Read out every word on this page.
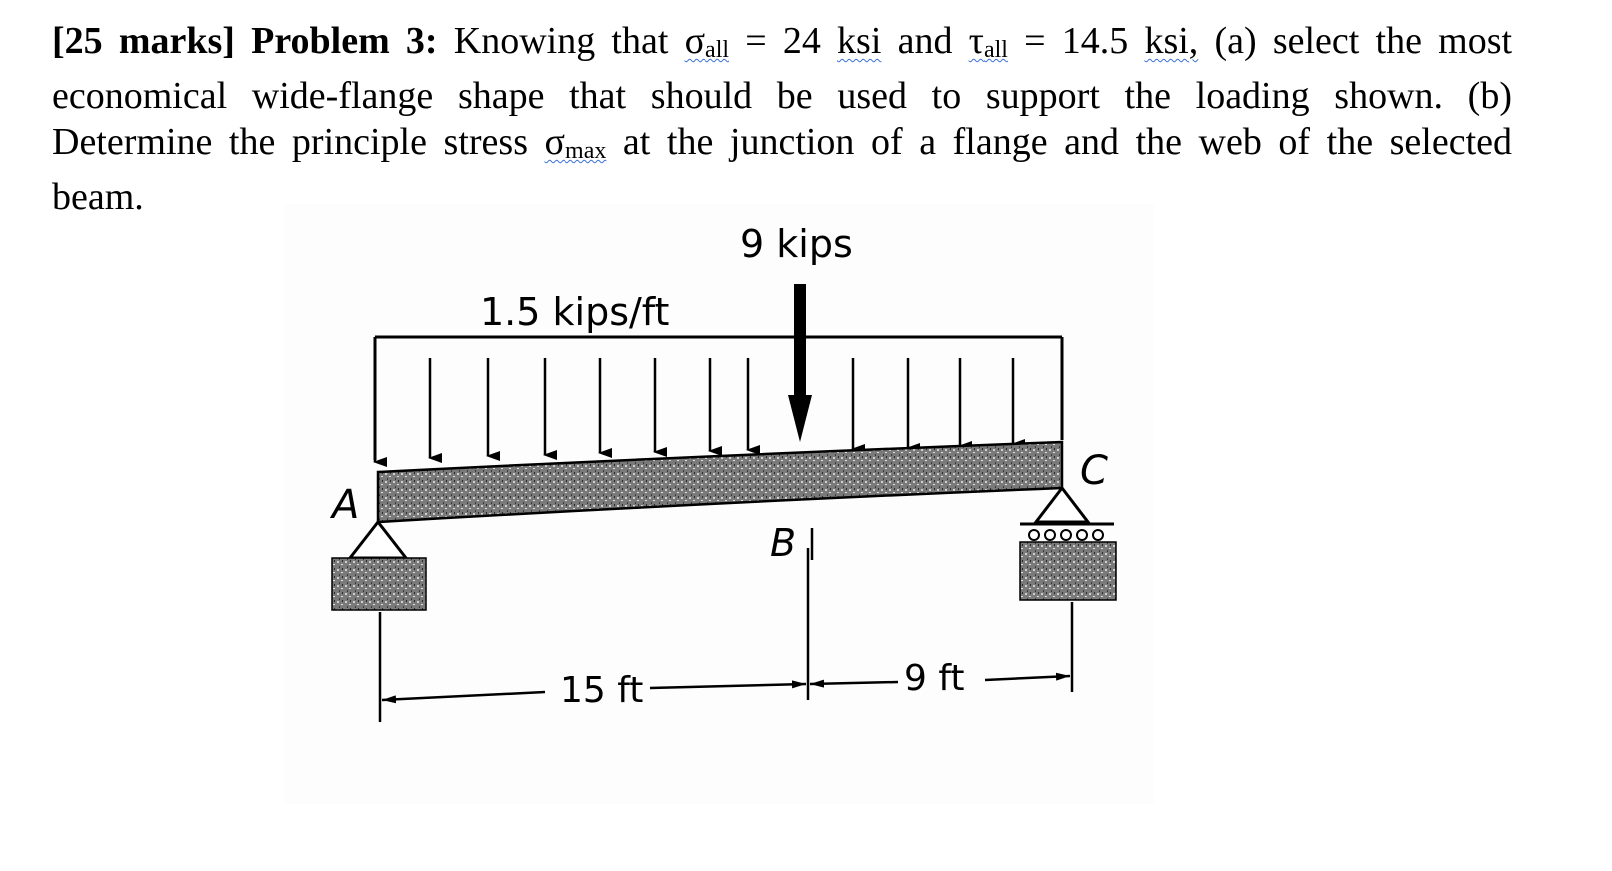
[25 marks] Problem 3: Knowing that σall = 24 ksi and τall = 14.5 ksi, (a) select the most
economical wide-flange shape that should be used to support the loading shown. (b)
Determine the principle stress σmax at the junction of a flange and the web of the selected
beam.
9 kips
1.5 kips/ft
A
B
C
15 ft	9 ft
